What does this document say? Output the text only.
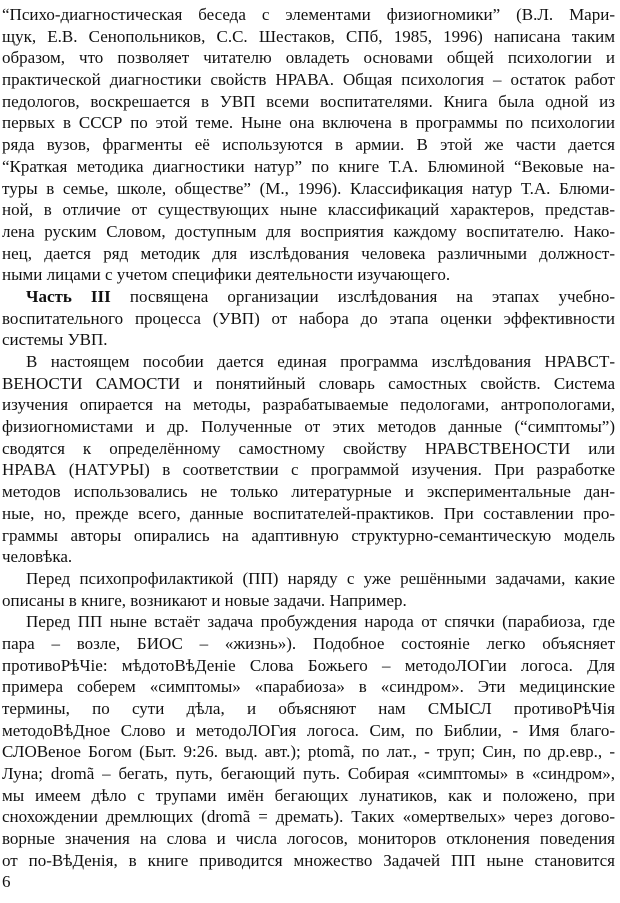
“Психо-диагностическая беседа с элементами физиогномики” (В.Л. Мари-
щук, Е.В. Сенопольников, С.С. Шестаков, СПб, 1985, 1996) написана таким
образом, что позволяет читателю овладеть основами общей психологии и
практической диагностики свойств НРАВА. Общая психология – остаток работ
педологов, воскрешается в УВП всеми воспитателями. Книга была одной из
первых в СССР по этой теме. Ныне она включена в программы по психологии
ряда вузов, фрагменты её используются в армии. В этой же части дается
“Краткая методика диагностики натур” по книге Т.А. Блюминой “Вековые на-
туры в семье, школе, обществе” (М., 1996). Классификация натур Т.А. Блюми-
ной, в отличие от существующих ныне классификаций характеров, представ-
лена руским Словом, доступным для восприятия каждому воспитателю. Нако-
нец, дается ряд методик для изслѣдования человека различными должност-
ными лицами с учетом специфики деятельности изучающего.
Часть III посвящена организации изслѣдования на этапах учебно-
воспитательного процесса (УВП) от набора до этапа оценки эффективности
системы УВП.
В настоящем пособии дается единая программа изслѣдования НРАВСТ-
ВЕНОСТИ САМОСТИ и понятийный словарь самостных свойств. Система
изучения опирается на методы, разрабатываемые педологами, антропологами,
физиогномистами и др. Полученные от этих методов данные (“симптомы”)
сводятся к определённому самостному свойству НРАВСТВЕНОСТИ или
НРАВА (НАТУРЫ) в соответствии с программой изучения. При разработке
методов использовались не только литературные и экспериментальные дан-
ные, но, прежде всего, данные воспитателей-практиков. При составлении про-
граммы авторы опирались на адаптивную структурно-семантическую модель
человѣка.
Перед психопрофилактикой (ПП) наряду с уже решёнными задачами, какие
описаны в книге, возникают и новые задачи. Например.
Перед ПП ныне встаёт задача пробуждения народа от спячки (парабиоза, где
пара – возле, БИОС – «жизнь»). Подобное состояніе легко объясняет
противоРѣЧіе: мѣдотоВѣДеніе Слова Божьего – методоЛОГии логоса. Для
примера соберем «симптомы» «парабиоза» в «синдром». Эти медицинские
термины, по сути дѣла, и объясняют нам СМЫСЛ противоРѣЧія
методоВѣДное Слово и методоЛОГия логоса. Сим, по Библии, - Имя благо-
СЛОВеное Богом (Быт. 9:26. выд. авт.); ptomã, по лат., - труп; Син, по др.евр., -
Луна; dromã – бегать, путь, бегающий путь. Собирая «симптомы» в «синдром»,
мы имеем дѣло с трупами имён бегающих лунатиков, как и положено, при
снохождении дремлющих (dromã = дремать). Таких «омертвелых» через догово-
ворные значения на слова и числа логосов, мониторов отклонения поведения
от по-ВѣДенія, в книге приводится множество Задачей ПП ныне становится
6
